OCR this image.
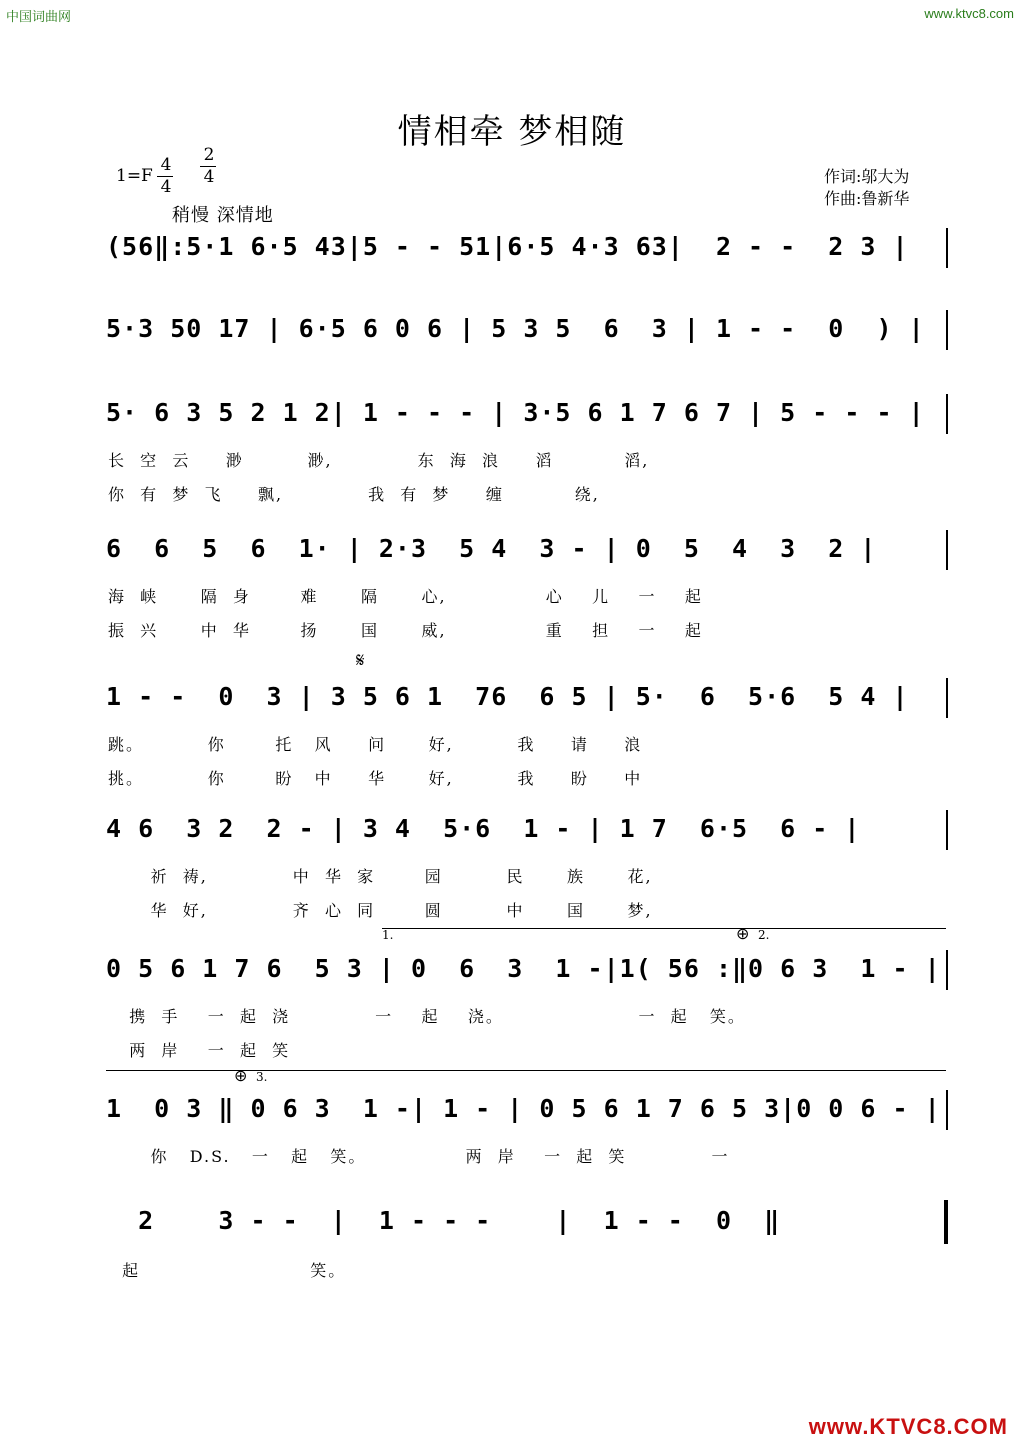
中国词曲网	www.ktvc8.com
情相牵 梦相随
1=F
4
4
2
4
稍慢 深情地
作词:邬大为
作曲:鲁新华
(56‖:5·1 6·5 43|5 - - 51|6·5 4·3 63|  2 - -  2 3 |
5·3 50 17 | 6·5 6 0 6 | 5 3 5  6  3 | 1 - -  0  ) |
5· 6 3 5 2 1 2| 1 - - - | 3·5 6 1 7 6 7 | 5 - - - |
长  空  云     渺         渺,            东  海  浪     滔          滔,
你  有  梦  飞     飘,            我  有  梦     缠          绕,
6  6  5  6  1· | 2·3  5 4  3 - | 0  5  4  3  2 |
海  峡      隔  身       难      隔      心,              心    儿    一    起
振  兴      中  华       扬      国      威,              重    担    一    起
𝄋
1 - -  0  3 | 3 5 6 1  76  6 5 | 5·  6  5·6  5 4 |
跳。         你       托   风     问      好,         我     请     浪
挑。         你       盼   中     华      好,         我     盼     中
4 6  3 2  2 - | 3 4  5·6  1 - | 1 7  6·5  6 - |
祈  祷,            中  华  家       园         民      族      花,
华  好,            齐  心  同       圆         中      国      梦,
1.	⊕ 2.
0 5 6 1 7 6  5 3 | 0  6  3  1 -|1( 56 :‖0 6 3  1 - |
携  手    一  起  浇            一    起    浇。                   一  起   笑。
两  岸    一  起  笑
⊕ 3.
1  0 3 ‖ 0 6 3  1 -| 1 - | 0 5 6 1 7 6 5 3|0 0 6 - |
你   D.S.   一   起   笑。              两  岸    一  起  笑            一
2    3 - -  |  1 - - -    |  1 - -  0  ‖
起                        笑。
www.KTVC8.COM
